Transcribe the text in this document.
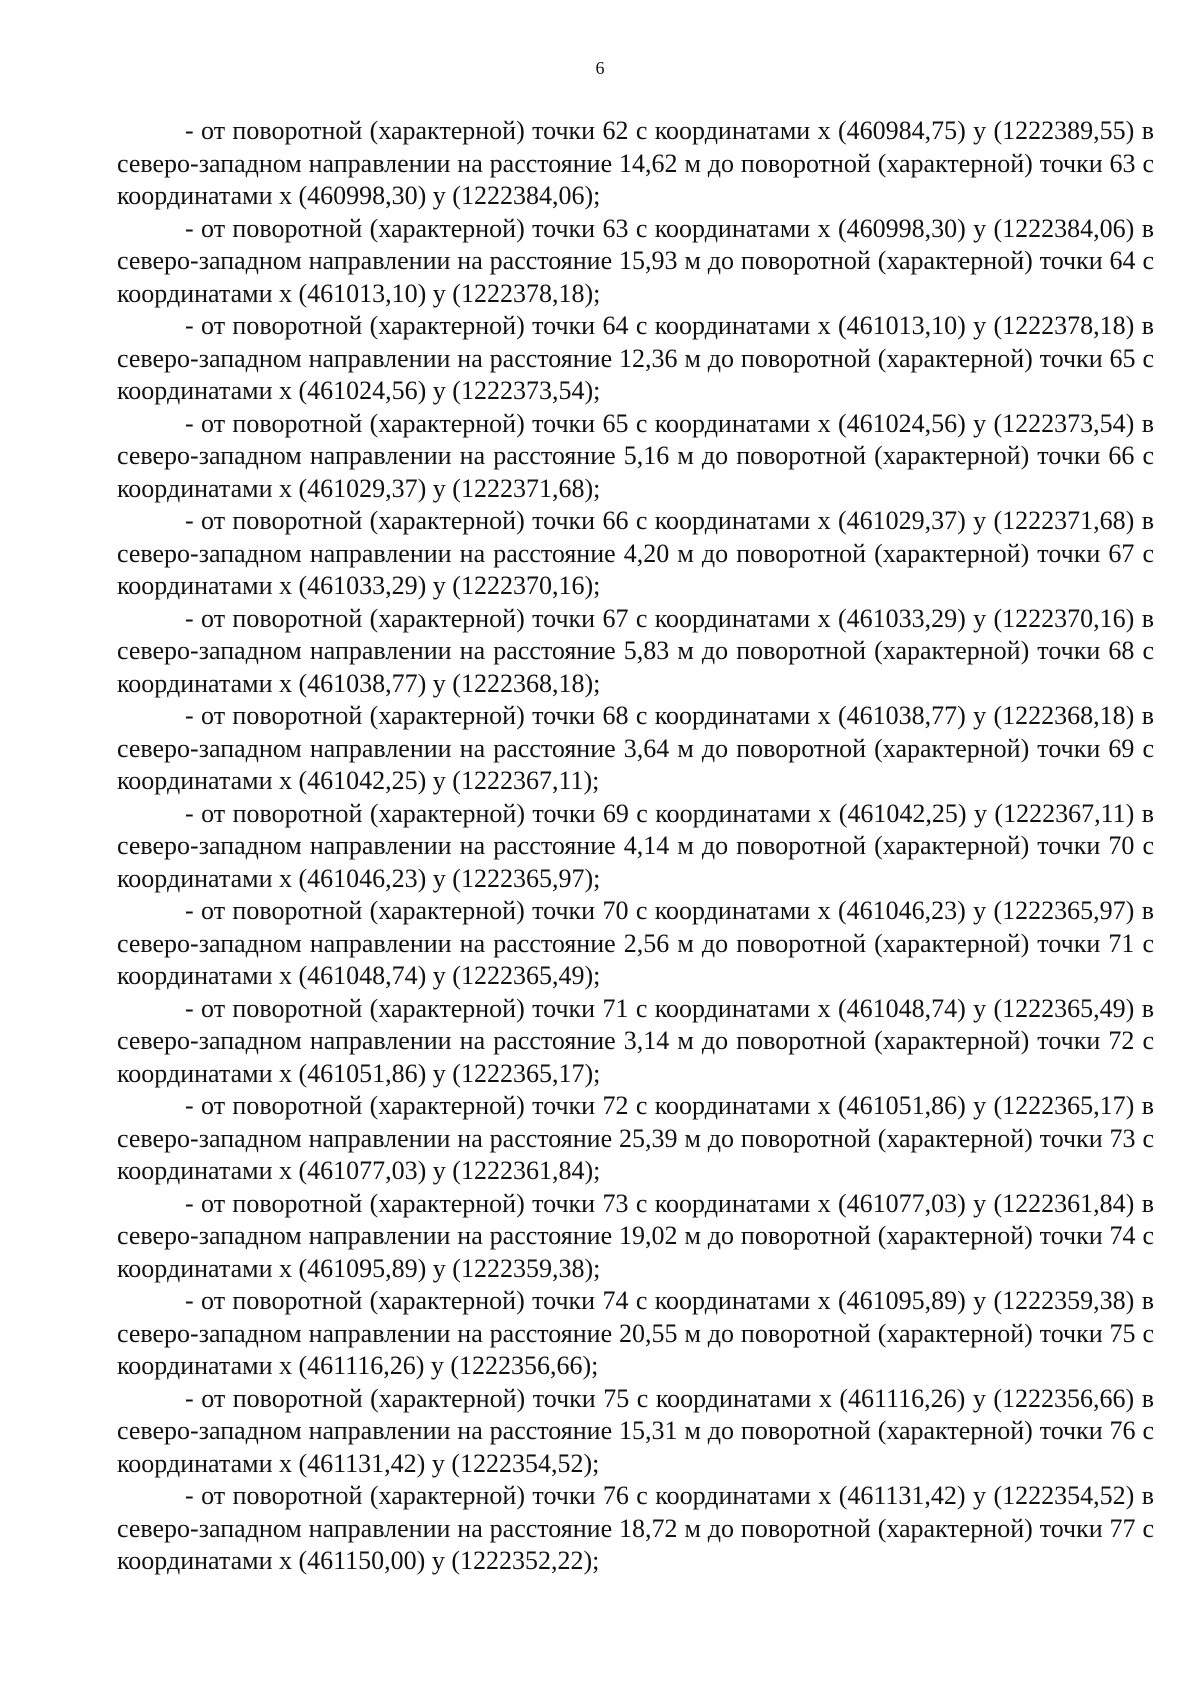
6

- от поворотной (характерной) точки 62 с координатами х (460984,75) у (1222389,55) в северо-западном направлении на расстояние 14,62 м до поворотной (характерной) точки 63 с координатами х (460998,30) у (1222384,06);

- от поворотной (характерной) точки 63 с координатами х (460998,30) у (1222384,06) в северо-западном направлении на расстояние 15,93 м до поворотной (характерной) точки 64 с координатами х (461013,10) у (1222378,18);

- от поворотной (характерной) точки 64 с координатами х (461013,10) у (1222378,18) в северо-западном направлении на расстояние 12,36 м до поворотной (характерной) точки 65 с координатами х (461024,56) у (1222373,54);

- от поворотной (характерной) точки 65 с координатами х (461024,56) у (1222373,54) в северо-западном направлении на расстояние 5,16 м до поворотной (характерной) точки 66 с координатами х (461029,37) у (1222371,68);

- от поворотной (характерной) точки 66 с координатами х (461029,37) у (1222371,68) в северо-западном направлении на расстояние 4,20 м до поворотной (характерной) точки 67 с координатами х (461033,29) у (1222370,16);

- от поворотной (характерной) точки 67 с координатами х (461033,29) у (1222370,16) в северо-западном направлении на расстояние 5,83 м до поворотной (характерной) точки 68 с координатами х (461038,77) у (1222368,18);

- от поворотной (характерной) точки 68 с координатами х (461038,77) у (1222368,18) в северо-западном направлении на расстояние 3,64 м до поворотной (характерной) точки 69 с координатами х (461042,25) у (1222367,11);

- от поворотной (характерной) точки 69 с координатами х (461042,25) у (1222367,11) в северо-западном направлении на расстояние 4,14 м до поворотной (характерной) точки 70 с координатами х (461046,23) у (1222365,97);

- от поворотной (характерной) точки 70 с координатами х (461046,23) у (1222365,97) в северо-западном направлении на расстояние 2,56 м до поворотной (характерной) точки 71 с координатами х (461048,74) у (1222365,49);

- от поворотной (характерной) точки 71 с координатами х (461048,74) у (1222365,49) в северо-западном направлении на расстояние 3,14 м до поворотной (характерной) точки 72 с координатами х (461051,86) у (1222365,17);

- от поворотной (характерной) точки 72 с координатами х (461051,86) у (1222365,17) в северо-западном направлении на расстояние 25,39 м до поворотной (характерной) точки 73 с координатами х (461077,03) у (1222361,84);

- от поворотной (характерной) точки 73 с координатами х (461077,03) у (1222361,84) в северо-западном направлении на расстояние 19,02 м до поворотной (характерной) точки 74 с координатами х (461095,89) у (1222359,38);

- от поворотной (характерной) точки 74 с координатами х (461095,89) у (1222359,38) в северо-западном направлении на расстояние 20,55 м до поворотной (характерной) точки 75 с координатами х (461116,26) у (1222356,66);

- от поворотной (характерной) точки 75 с координатами х (461116,26) у (1222356,66) в северо-западном направлении на расстояние 15,31 м до поворотной (характерной) точки 76 с координатами х (461131,42) у (1222354,52);

- от поворотной (характерной) точки 76 с координатами х (461131,42) у (1222354,52) в северо-западном направлении на расстояние 18,72 м до поворотной (характерной) точки 77 с координатами х (461150,00) у (1222352,22);
